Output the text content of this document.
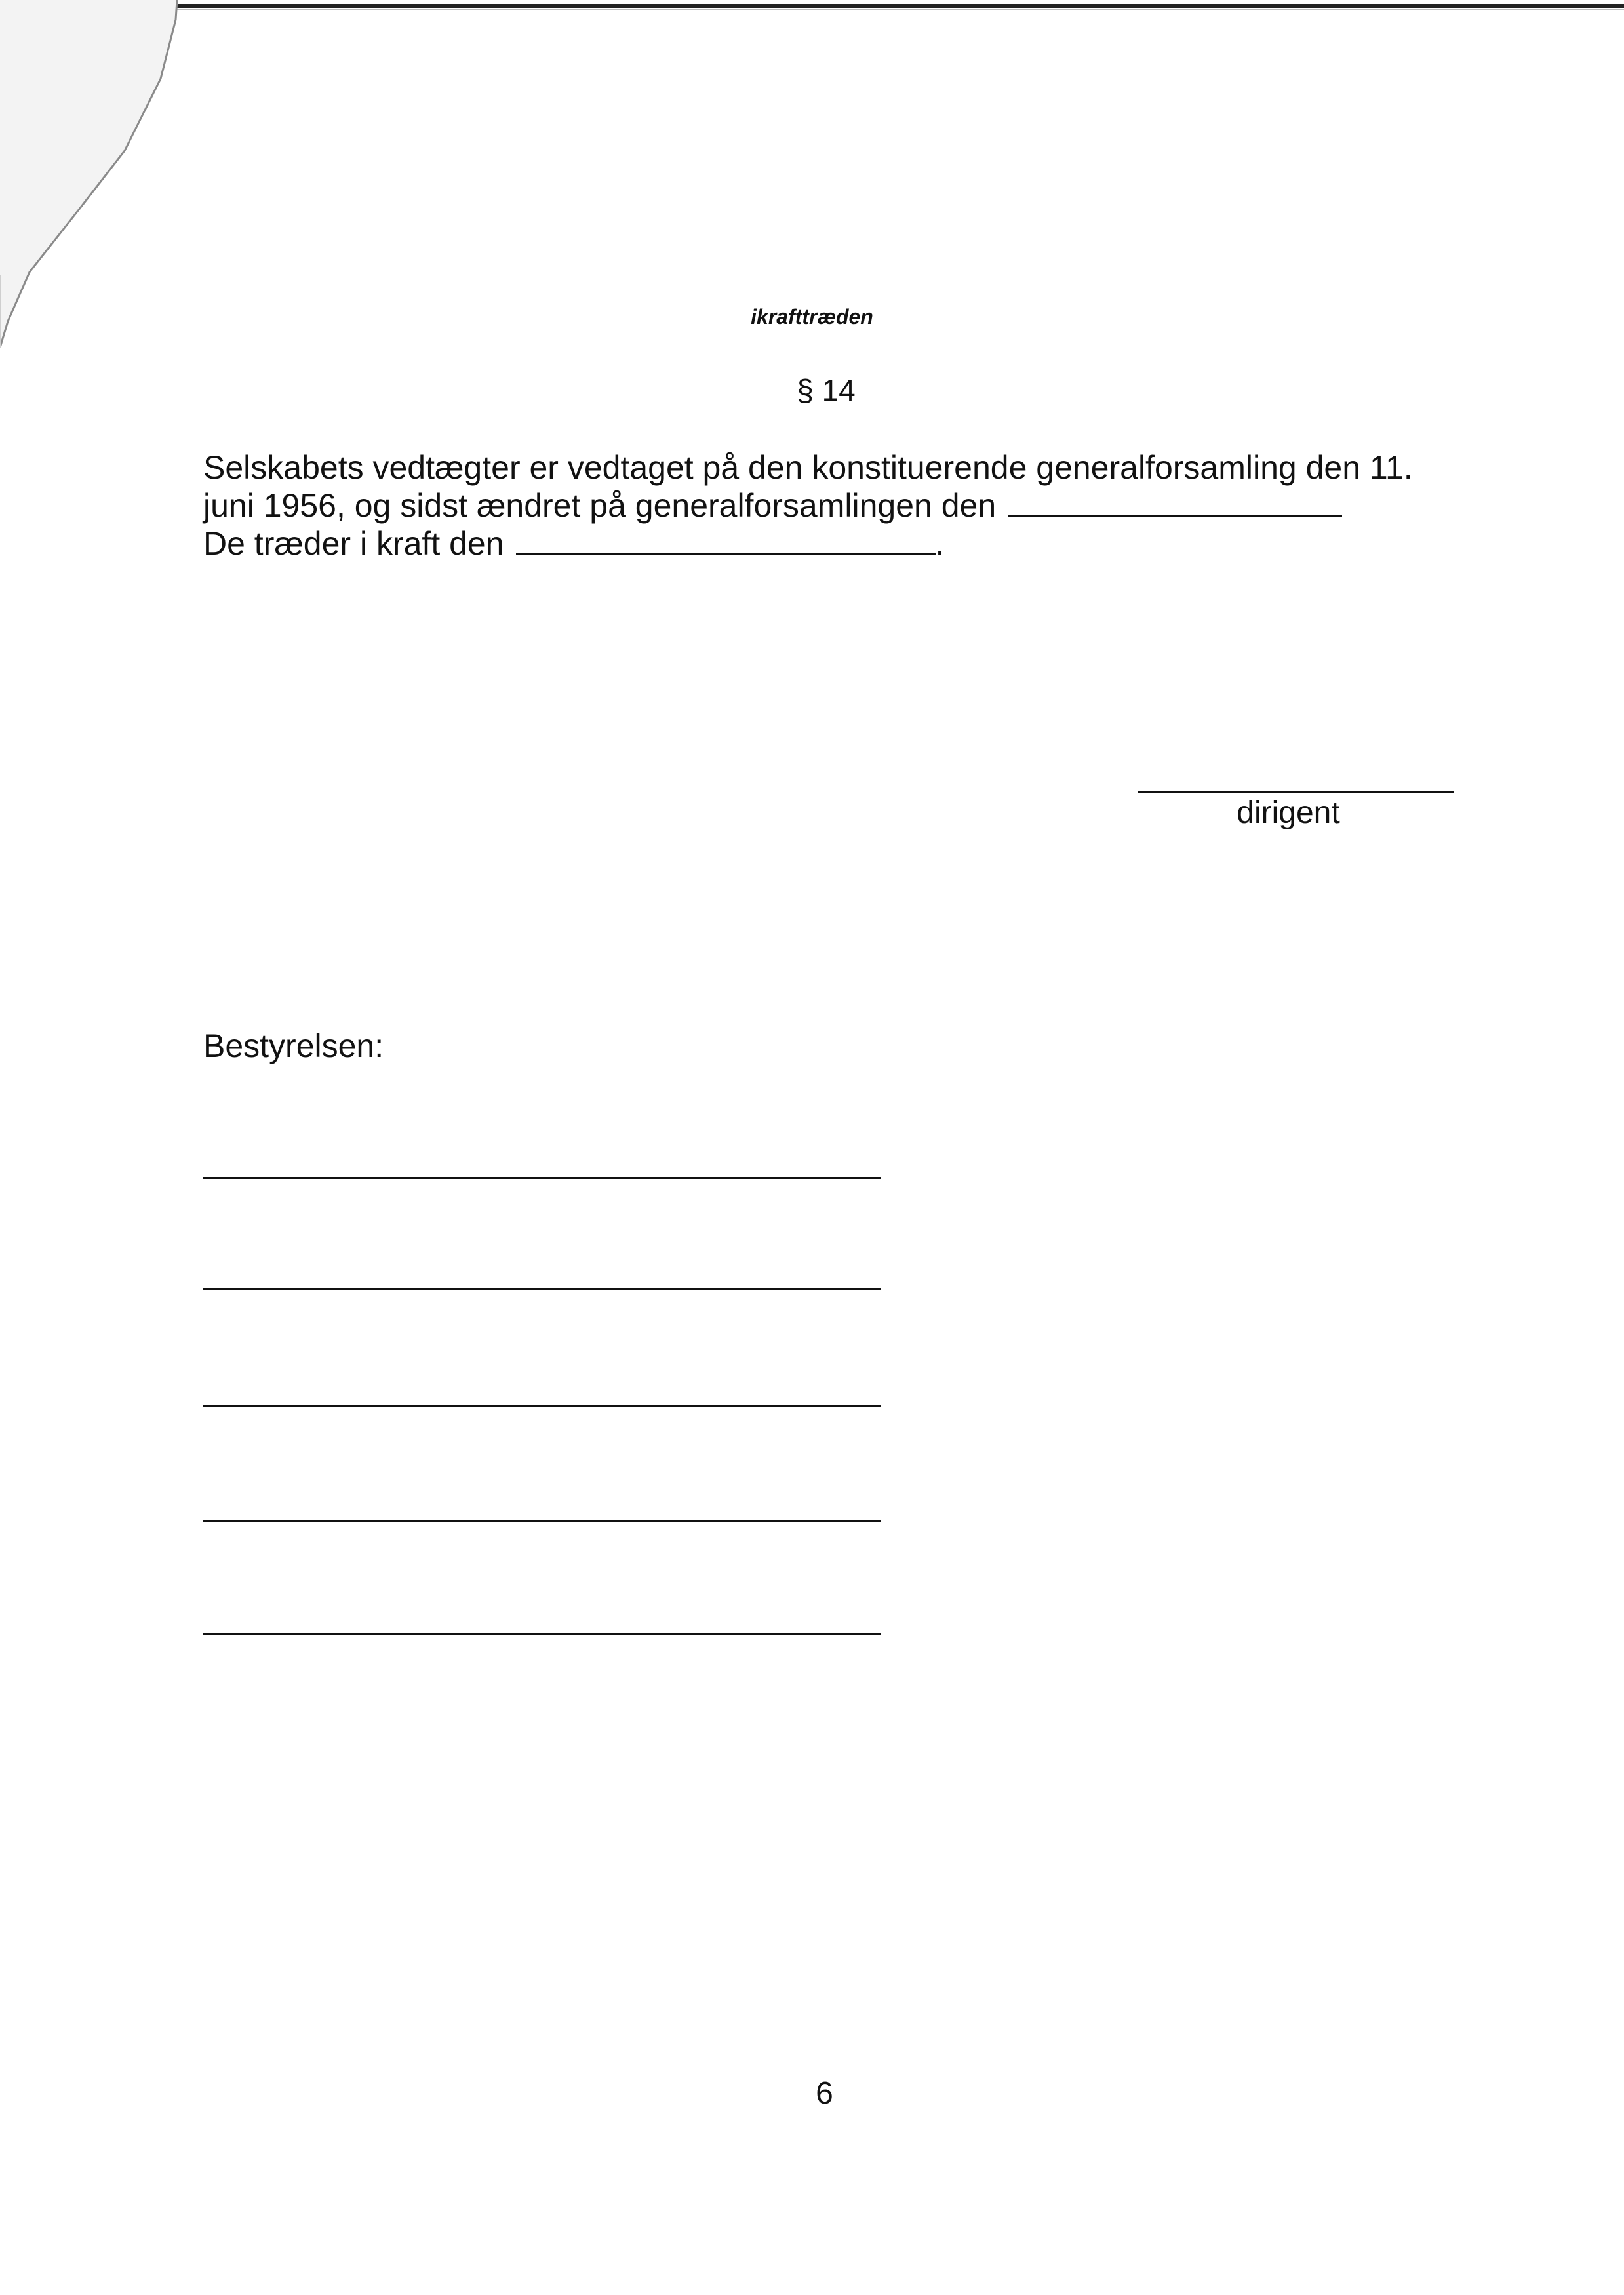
ikrafttræden
§ 14
Selskabets vedtægter er vedtaget på den konstituerende generalforsamling den 11.
juni 1956, og sidst ændret på generalforsamlingen den
De træder i kraft den	.
dirigent
Bestyrelsen:
6
